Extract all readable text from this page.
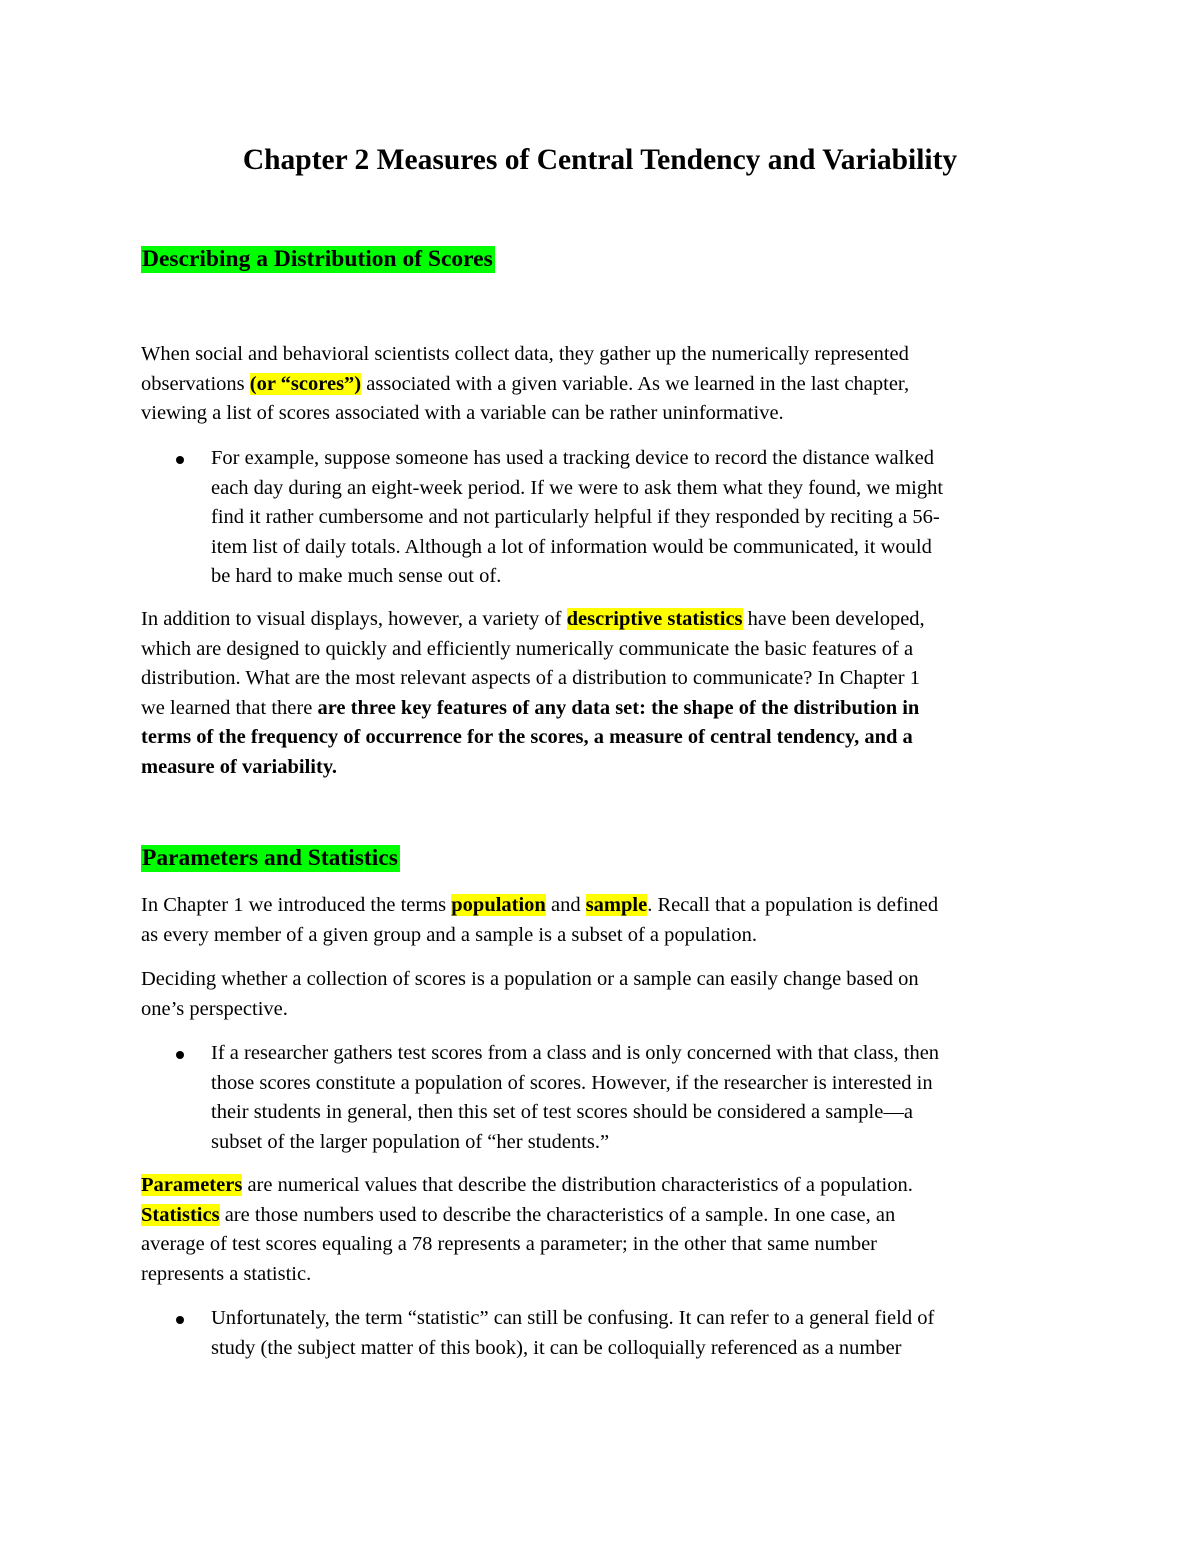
Chapter 2 Measures of Central Tendency and Variability

Describing a Distribution of Scores

When social and behavioral scientists collect data, they gather up the numerically represented
observations (or “scores”) associated with a given variable. As we learned in the last chapter,
viewing a list of scores associated with a variable can be rather uninformative.
For example, suppose someone has used a tracking device to record the distance walked
each day during an eight-week period. If we were to ask them what they found, we might
find it rather cumbersome and not particularly helpful if they responded by reciting a 56-
item list of daily totals. Although a lot of information would be communicated, it would
be hard to make much sense out of.
In addition to visual displays, however, a variety of descriptive statistics have been developed,
which are designed to quickly and efficiently numerically communicate the basic features of a
distribution. What are the most relevant aspects of a distribution to communicate? In Chapter 1
we learned that there are three key features of any data set: the shape of the distribution in
terms of the frequency of occurrence for the scores, a measure of central tendency, and a
measure of variability.

Parameters and Statistics

In Chapter 1 we introduced the terms population and sample. Recall that a population is defined
as every member of a given group and a sample is a subset of a population.
Deciding whether a collection of scores is a population or a sample can easily change based on
one’s perspective.
If a researcher gathers test scores from a class and is only concerned with that class, then
those scores constitute a population of scores. However, if the researcher is interested in
their students in general, then this set of test scores should be considered a sample—a
subset of the larger population of “her students.”
Parameters are numerical values that describe the distribution characteristics of a population.
Statistics are those numbers used to describe the characteristics of a sample. In one case, an
average of test scores equaling a 78 represents a parameter; in the other that same number
represents a statistic.
Unfortunately, the term “statistic” can still be confusing. It can refer to a general field of
study (the subject matter of this book), it can be colloquially referenced as a number
